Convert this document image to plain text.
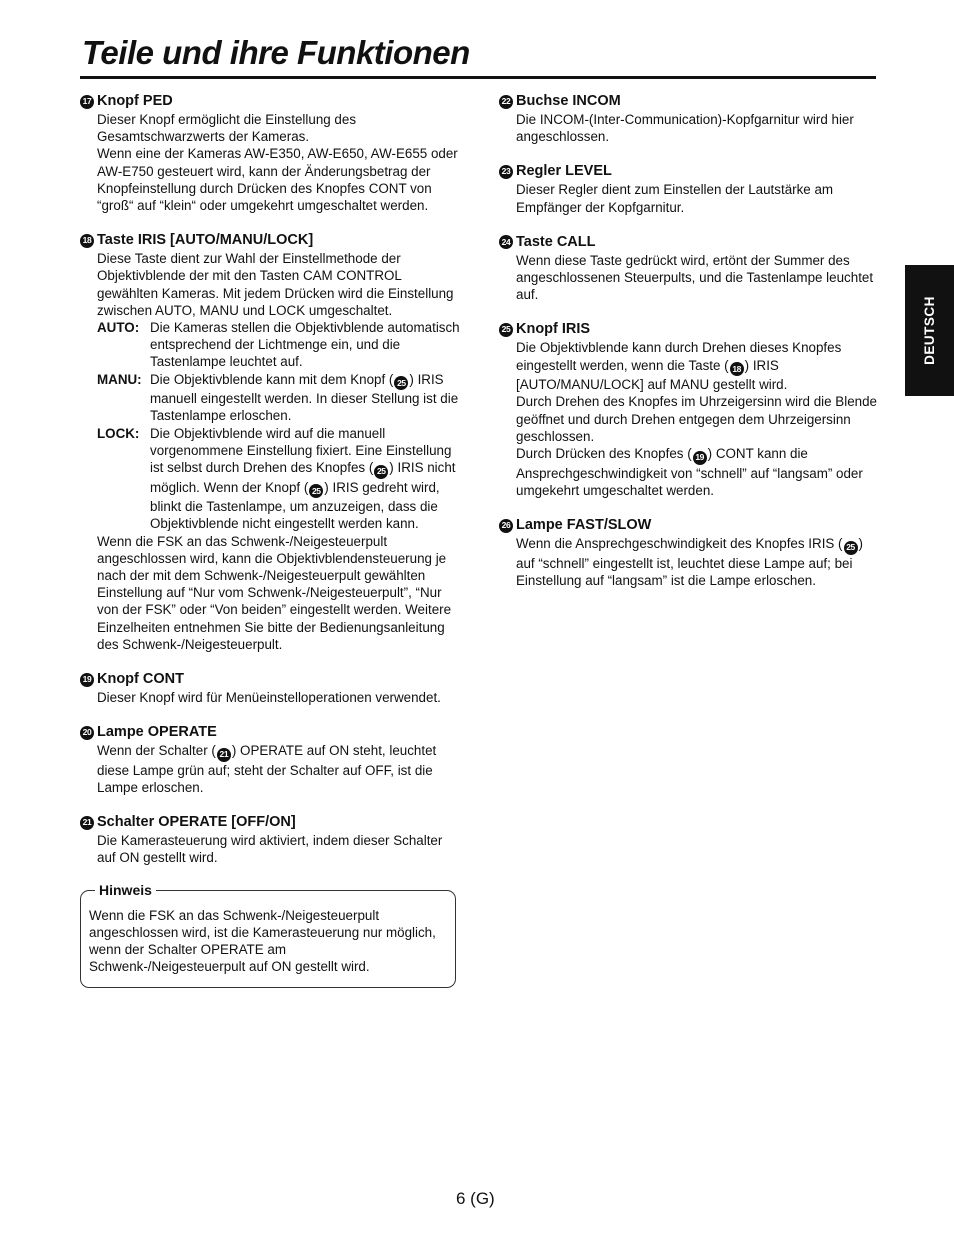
Teile und ihre Funktionen
17 Knopf PED

Dieser Knopf ermöglicht die Einstellung des Gesamtschwarzwerts der Kameras.

Wenn eine der Kameras AW-E350, AW-E650, AW-E655 oder AW-E750 gesteuert wird, kann der Änderungsbetrag der Knopfeinstellung durch Drücken des Knopfes CONT von “groß“ auf “klein“ oder umgekehrt umgeschaltet werden.

18 Taste IRIS [AUTO/MANU/LOCK]

Diese Taste dient zur Wahl der Einstellmethode der Objektivblende der mit den Tasten CAM CONTROL gewählten Kameras. Mit jedem Drücken wird die Einstellung zwischen AUTO, MANU und LOCK umgeschaltet.

AUTO: Die Kameras stellen die Objektivblende automatisch entsprechend der Lichtmenge ein, und die Tastenlampe leuchtet auf.
MANU: Die Objektivblende kann mit dem Knopf ( 25 ) IRIS manuell eingestellt werden. In dieser Stellung ist die Tastenlampe erloschen.
LOCK: Die Objektivblende wird auf die manuell vorgenommene Einstellung fixiert. Eine Einstellung ist selbst durch Drehen des Knopfes ( 25 ) IRIS nicht möglich. Wenn der Knopf ( 25 ) IRIS gedreht wird, blinkt die Tastenlampe, um anzuzeigen, dass die Objektivblende nicht eingestellt werden kann.

Wenn die FSK an das Schwenk-/Neigesteuerpult angeschlossen wird, kann die Objektivblendensteuerung je nach der mit dem Schwenk-/Neigesteuerpult gewählten Einstellung auf “Nur vom Schwenk-/Neigesteuerpult”, “Nur von der FSK” oder “Von beiden” eingestellt werden. Weitere Einzelheiten entnehmen Sie bitte der Bedienungsanleitung des Schwenk-/Neigesteuerpult.

19 Knopf CONT

Dieser Knopf wird für Menüeinstelloperationen verwendet.

20 Lampe OPERATE

Wenn der Schalter ( 21 ) OPERATE auf ON steht, leuchtet diese Lampe grün auf; steht der Schalter auf OFF, ist die Lampe erloschen.

21 Schalter OPERATE [OFF/ON]

Die Kamerasteuerung wird aktiviert, indem dieser Schalter auf ON gestellt wird.

Hinweis

Wenn die FSK an das Schwenk-/Neigesteuerpult angeschlossen wird, ist die Kamerasteuerung nur möglich, wenn der Schalter OPERATE am Schwenk-/Neigesteuerpult auf ON gestellt wird.

22 Buchse INCOM

Die INCOM-(Inter-Communication)-Kopfgarnitur wird hier angeschlossen.

23 Regler LEVEL

Dieser Regler dient zum Einstellen der Lautstärke am Empfänger der Kopfgarnitur.

24 Taste CALL

Wenn diese Taste gedrückt wird, ertönt der Summer des angeschlossenen Steuerpults, und die Tastenlampe leuchtet auf.

25 Knopf IRIS

Die Objektivblende kann durch Drehen dieses Knopfes eingestellt werden, wenn die Taste ( 18 ) IRIS [AUTO/MANU/LOCK] auf MANU gestellt wird.

Durch Drehen des Knopfes im Uhrzeigersinn wird die Blende geöffnet und durch Drehen entgegen dem Uhrzeigersinn geschlossen.

Durch Drücken des Knopfes ( 19 ) CONT kann die Ansprechgeschwindigkeit von “schnell” auf “langsam” oder umgekehrt umgeschaltet werden.

26 Lampe FAST/SLOW

Wenn die Ansprechgeschwindigkeit des Knopfes IRIS ( 25 ) auf “schnell” eingestellt ist, leuchtet diese Lampe auf; bei Einstellung auf “langsam” ist die Lampe erloschen.

DEUTSCH
6 (G)
